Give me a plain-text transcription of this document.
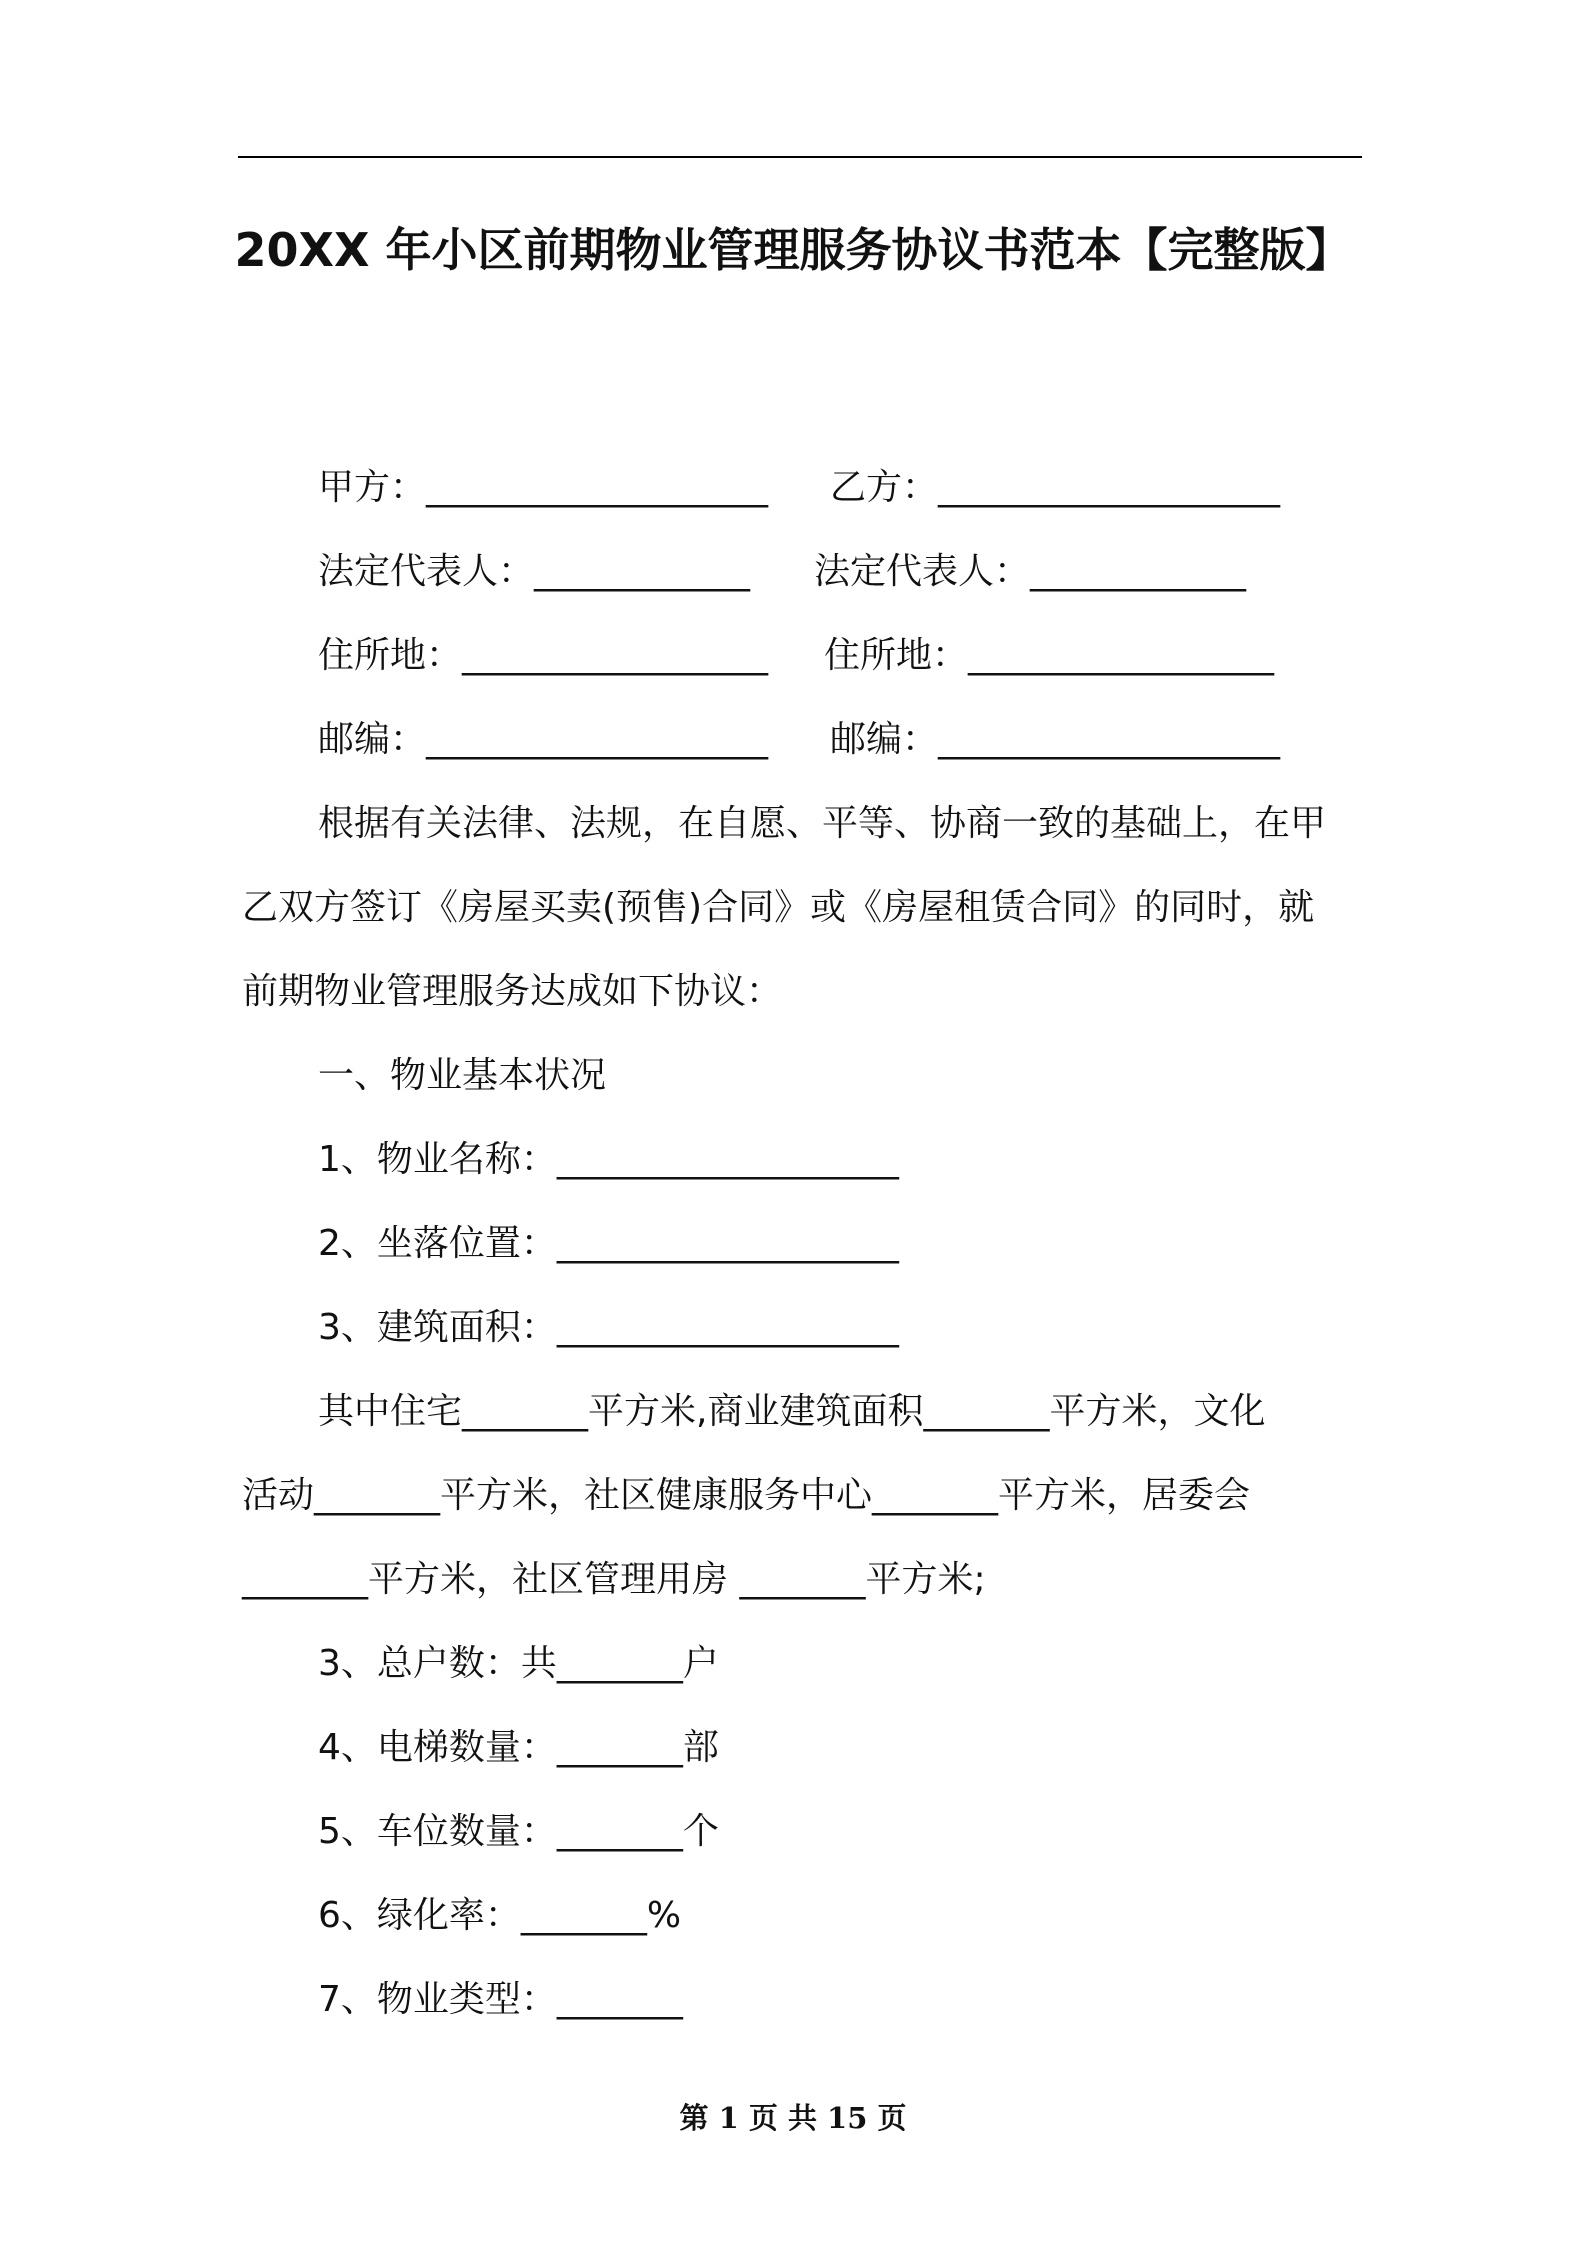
20XX 年小区前期物业管理服务协议书范本【完整版】
甲方：___________________ 乙方：___________________
法定代表人：____________ 法定代表人：____________
住所地：_________________ 住所地：_________________
邮编：___________________ 邮编：___________________
根据有关法律、法规，在自愿、平等、协商一致的基础上，在甲
乙双方签订《房屋买卖(预售)合同》或《房屋租赁合同》的同时，就
前期物业管理服务达成如下协议：
一、物业基本状况
1、物业名称：___________________
2、坐落位置：___________________
3、建筑面积：___________________
其中住宅_______平方米,商业建筑面积_______平方米，文化
活动_______平方米，社区健康服务中心_______平方米，居委会
_______平方米，社区管理用房 _______平方米;
3、总户数：共_______户
4、电梯数量：_______部
5、车位数量：_______个
6、绿化率：_______%
7、物业类型：_______
第 1 页 共 15 页
